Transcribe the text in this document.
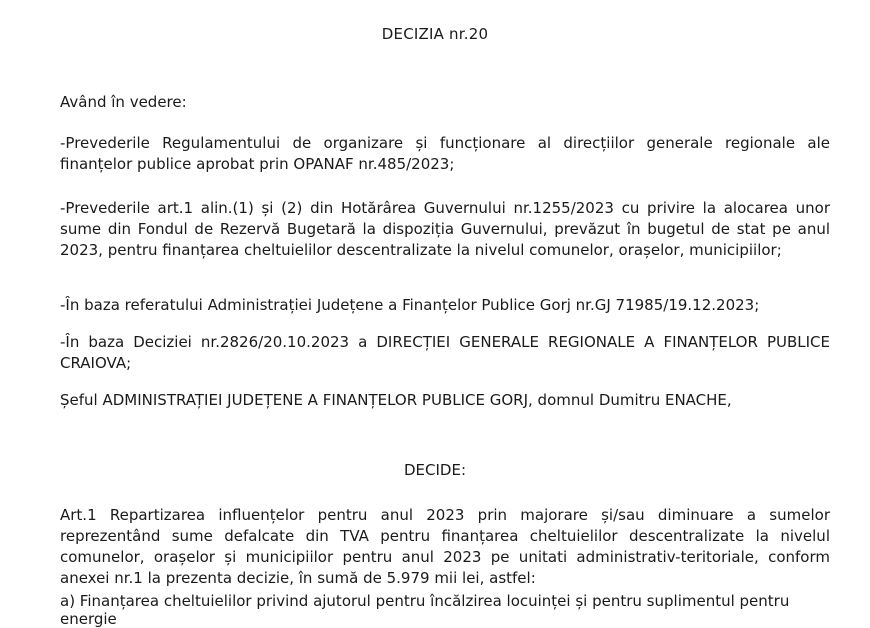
DECIZIA nr.20
Având în vedere:
-Prevederile Regulamentului de organizare și funcționare al direcțiilor generale regionale ale finanțelor publice aprobat prin OPANAF nr.485/2023;
-Prevederile art.1 alin.(1) și (2) din Hotărârea Guvernului nr.1255/2023 cu privire la alocarea unor sume din Fondul de Rezervă Bugetară la dispoziția Guvernului, prevăzut în bugetul de stat pe anul 2023, pentru finanțarea cheltuielilor descentralizate la nivelul comunelor, orașelor, municipiilor;
-În baza referatului Administrației Județene a Finanțelor Publice Gorj nr.GJ 71985/19.12.2023;
-În baza Deciziei nr.2826/20.10.2023 a DIRECȚIEI GENERALE REGIONALE A FINANȚELOR PUBLICE CRAIOVA;
Șeful ADMINISTRAȚIEI JUDEȚENE A FINANȚELOR PUBLICE GORJ, domnul Dumitru ENACHE,
DECIDE:
Art.1 Repartizarea influențelor pentru anul 2023 prin majorare și/sau diminuare a sumelor reprezentând sume defalcate din TVA pentru finanțarea cheltuielilor descentralizate la nivelul comunelor, orașelor și municipiilor pentru anul 2023 pe unitati administrativ-teritoriale, conform anexei nr.1 la prezenta decizie, în sumă de 5.979 mii lei, astfel:
a) Finanțarea cheltuielilor privind ajutorul pentru încălzirea locuinței și pentru suplimentul pentru energie
